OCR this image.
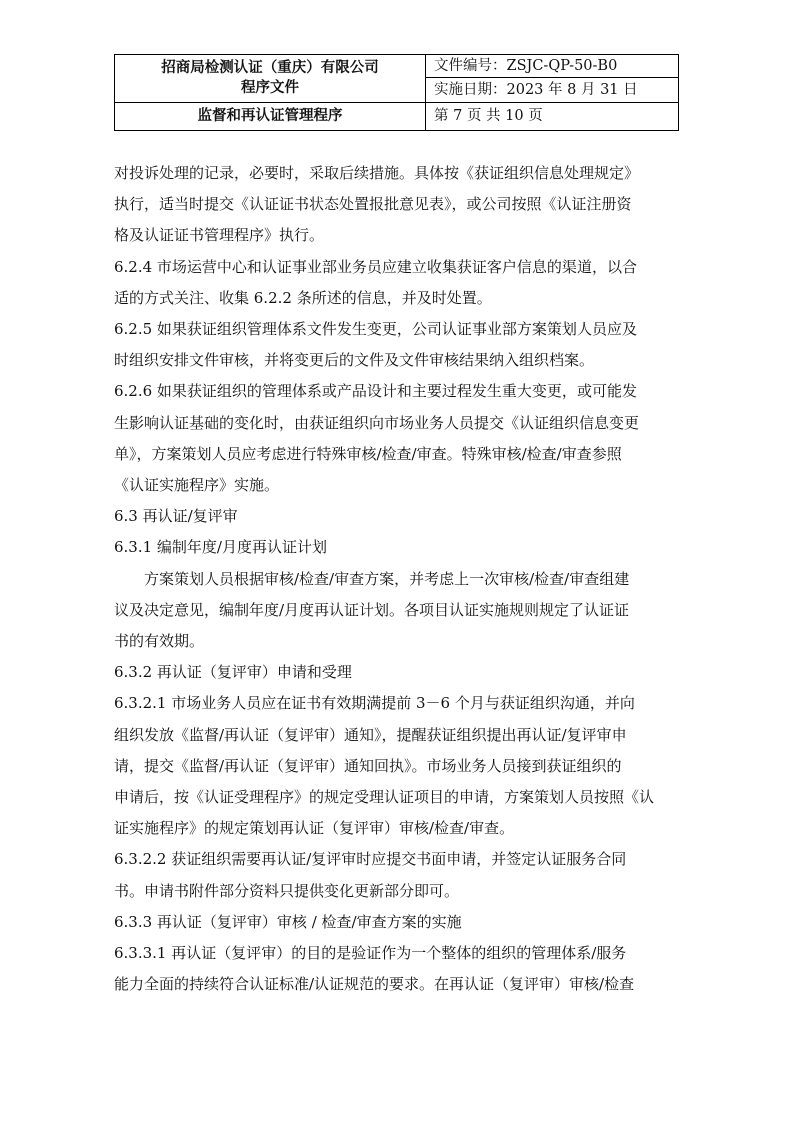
招商局检测认证（重庆）有限公司
程序文件	文件编号：ZSJC-QP-50-B0
	实施日期：2023 年 8 月 31 日
监督和再认证管理程序	第 7 页 共 10 页

对投诉处理的记录，必要时，采取后续措施。具体按《获证组织信息处理规定》

执行，适当时提交《认证证书状态处置报批意见表》，或公司按照《认证注册资

格及认证证书管理程序》执行。

6.2.4 市场运营中心和认证事业部业务员应建立收集获证客户信息的渠道，以合

适的方式关注、收集 6.2.2 条所述的信息，并及时处置。

6.2.5 如果获证组织管理体系文件发生变更，公司认证事业部方案策划人员应及

时组织安排文件审核，并将变更后的文件及文件审核结果纳入组织档案。

6.2.6 如果获证组织的管理体系或产品设计和主要过程发生重大变更，或可能发

生影响认证基础的变化时，由获证组织向市场业务人员提交《认证组织信息变更

单》，方案策划人员应考虑进行特殊审核/检查/审查。特殊审核/检查/审查参照

《认证实施程序》实施。

6.3 再认证/复评审

6.3.1 编制年度/月度再认证计划

方案策划人员根据审核/检查/审查方案，并考虑上一次审核/检查/审查组建

议及决定意见，编制年度/月度再认证计划。各项目认证实施规则规定了认证证

书的有效期。

6.3.2 再认证（复评审）申请和受理

6.3.2.1 市场业务人员应在证书有效期满提前 3－6 个月与获证组织沟通，并向

组织发放《监督/再认证（复评审）通知》，提醒获证组织提出再认证/复评审申

请，提交《监督/再认证（复评审）通知回执》。市场业务人员接到获证组织的

申请后，按《认证受理程序》的规定受理认证项目的申请，方案策划人员按照《认

证实施程序》的规定策划再认证（复评审）审核/检查/审查。

6.3.2.2 获证组织需要再认证/复评审时应提交书面申请，并签定认证服务合同

书。申请书附件部分资料只提供变化更新部分即可。

6.3.3 再认证（复评审）审核 / 检查/审查方案的实施

6.3.3.1 再认证（复评审）的目的是验证作为一个整体的组织的管理体系/服务

能力全面的持续符合认证标准/认证规范的要求。在再认证（复评审）审核/检查
